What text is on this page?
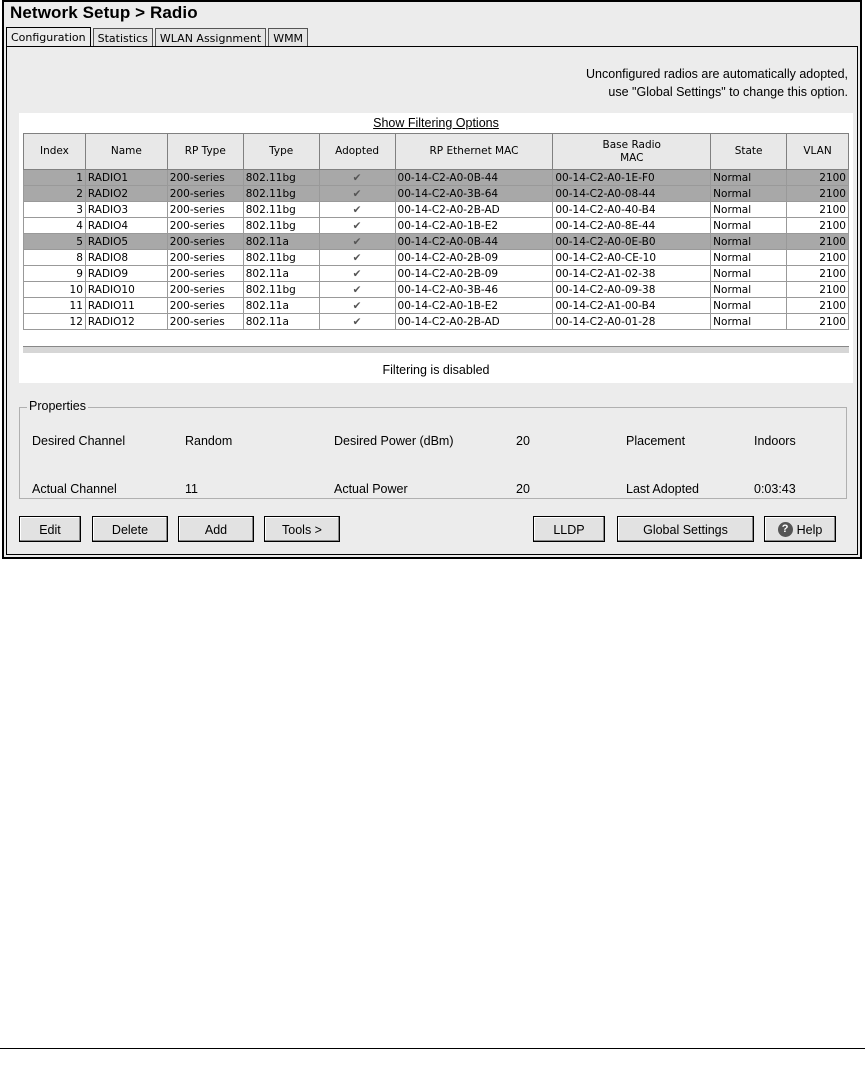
Network Setup > Radio
Configuration	Statistics	WLAN Assignment	WMM
Unconfigured radios are automatically adopted,
use "Global Settings" to change this option.
Show Filtering Options
Index	Name	RP Type	Type	Adopted	RP Ethernet MAC	Base Radio
MAC	State	VLAN
1	RADIO1	200-series	802.11bg	✔	00-14-C2-A0-0B-44	00-14-C2-A0-1E-F0	Normal	2100
2	RADIO2	200-series	802.11bg	✔	00-14-C2-A0-3B-64	00-14-C2-A0-08-44	Normal	2100
3	RADIO3	200-series	802.11bg	✔	00-14-C2-A0-2B-AD	00-14-C2-A0-40-B4	Normal	2100
4	RADIO4	200-series	802.11bg	✔	00-14-C2-A0-1B-E2	00-14-C2-A0-8E-44	Normal	2100
5	RADIO5	200-series	802.11a	✔	00-14-C2-A0-0B-44	00-14-C2-A0-0E-B0	Normal	2100
8	RADIO8	200-series	802.11bg	✔	00-14-C2-A0-2B-09	00-14-C2-A0-CE-10	Normal	2100
9	RADIO9	200-series	802.11a	✔	00-14-C2-A0-2B-09	00-14-C2-A1-02-38	Normal	2100
10	RADIO10	200-series	802.11bg	✔	00-14-C2-A0-3B-46	00-14-C2-A0-09-38	Normal	2100
11	RADIO11	200-series	802.11a	✔	00-14-C2-A0-1B-E2	00-14-C2-A1-00-B4	Normal	2100
12	RADIO12	200-series	802.11a	✔	00-14-C2-A0-2B-AD	00-14-C2-A0-01-28	Normal	2100
Filtering is disabled
Properties
Desired Channel	Random	Desired Power (dBm)	20	Placement	Indoors
Actual Channel	11	Actual Power	20	Last Adopted	0:03:43
Edit	Delete	Add	Tools >	LLDP	Global Settings	? Help
